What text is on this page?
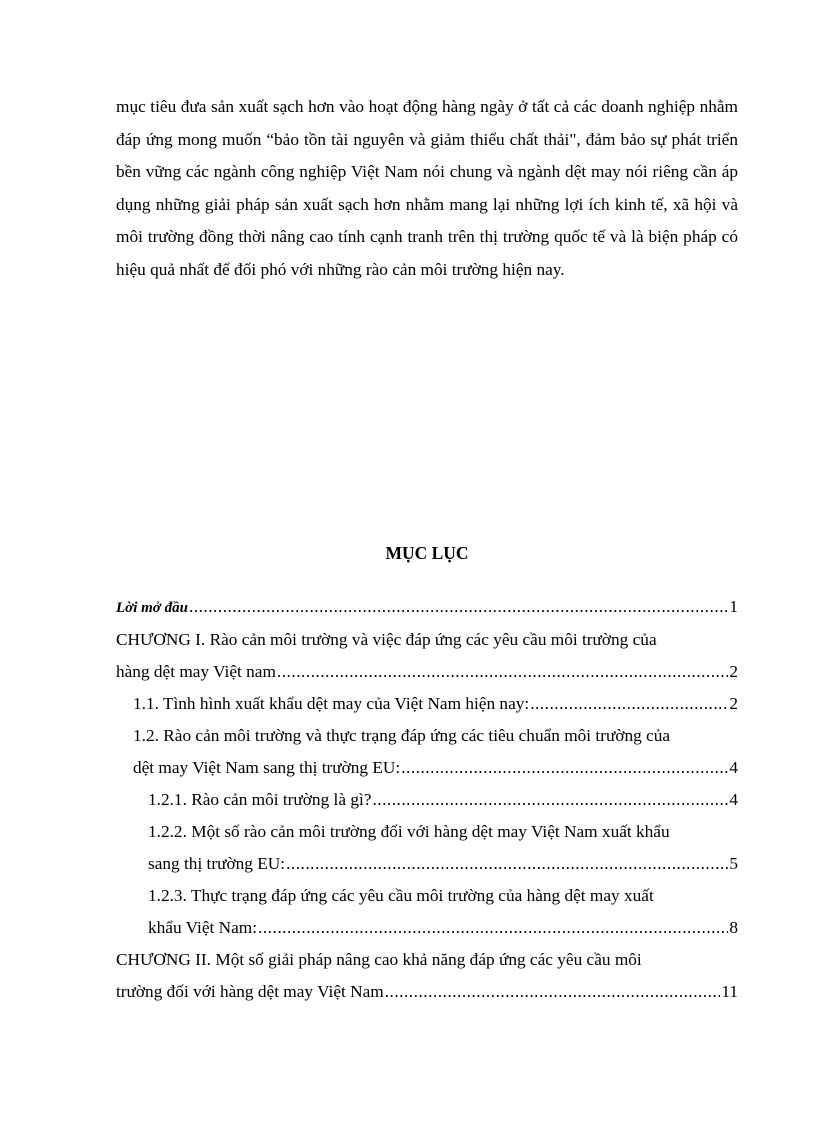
mục tiêu đưa sản xuất sạch hơn vào hoạt động hàng ngày ở tất cả các doanh nghiệp nhằm đáp ứng mong muốn “bảo tồn tài nguyên và giảm thiểu chất thải", đảm bảo sự phát triển bền vững các ngành công nghiệp Việt Nam nói chung và ngành dệt may nói riêng cần áp dụng những giải pháp sản xuất sạch hơn nhằm mang lại những lợi ích kinh tế, xã hội và môi trường đồng thời nâng cao tính cạnh tranh trên thị trường quốc tế và là biện pháp có hiệu quả nhất để đối phó với những rào cản môi trường hiện nay.

MỤC LỤC
Lời mở đầu .....	1
CHƯƠNG I. Rào cản môi trường và việc đáp ứng các yêu cầu môi trường của
hàng dệt may Việt nam .....	2
1.1. Tình hình xuất khẩu dệt may của Việt Nam hiện nay: .....	2
1.2. Rào cản môi trường và thực trạng đáp ứng các tiêu chuẩn môi trường của
dệt may Việt Nam sang thị trường EU: .....	4
1.2.1. Rào cản môi trường là gì? .....	4
1.2.2. Một số rào cản môi trường đối với hàng dệt may Việt Nam xuất khẩu
sang thị trường EU: .....	5
1.2.3. Thực trạng đáp ứng các yêu cầu môi trường của hàng dệt may xuất
khẩu Việt Nam: .....	8
CHƯƠNG II. Một số giải pháp nâng cao khả năng đáp ứng các yêu cầu môi
trường đối với hàng dệt may Việt Nam .....	11
